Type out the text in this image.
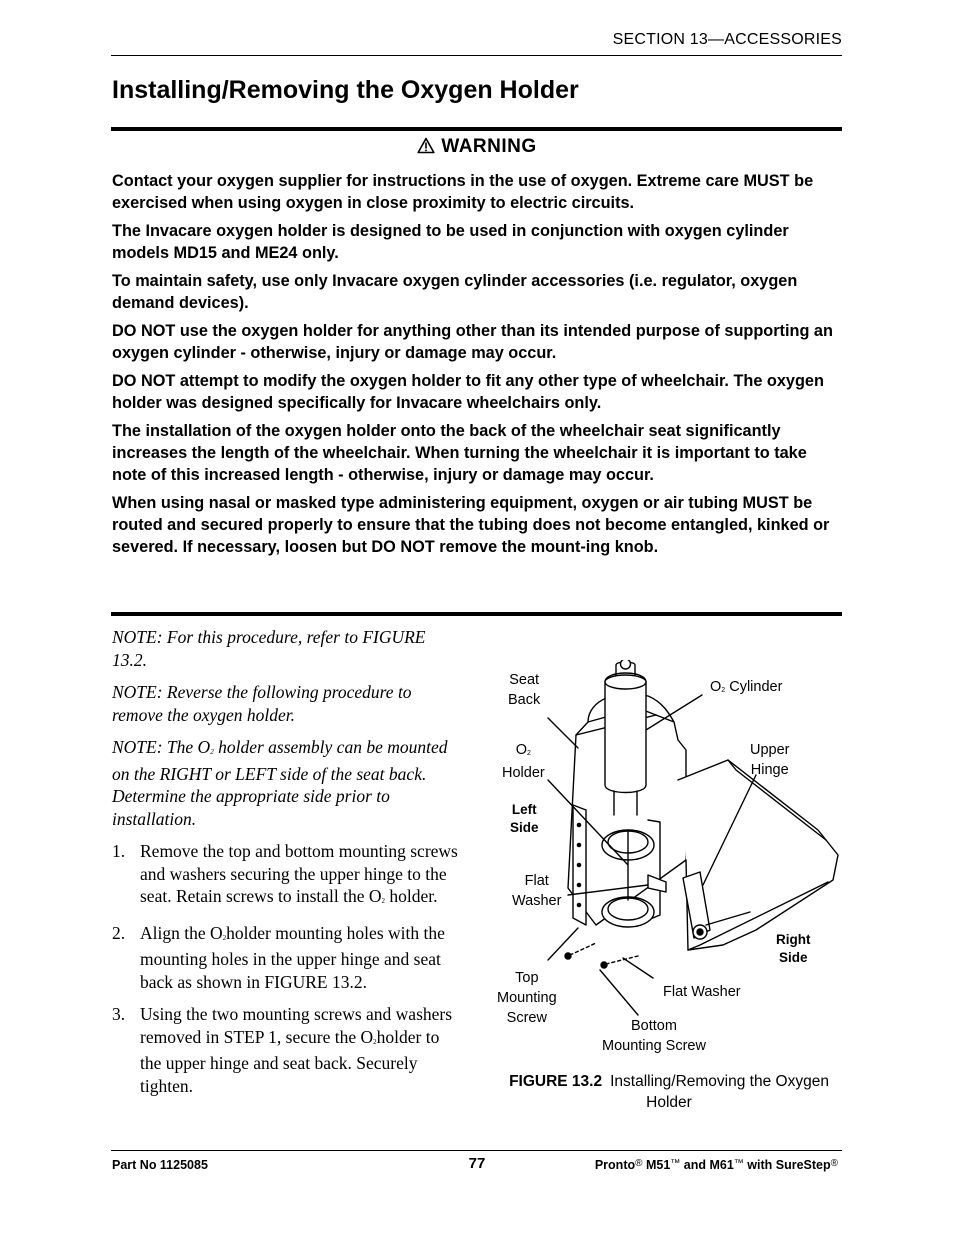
SECTION 13—ACCESSORIES
Installing/Removing the Oxygen Holder
WARNING

Contact your oxygen supplier for instructions in the use of oxygen. Extreme care MUST be exercised when using oxygen in close proximity to electric circuits.

The Invacare oxygen holder is designed to be used in conjunction with oxygen cylinder models MD15 and ME24 only.

To maintain safety, use only Invacare oxygen cylinder accessories (i.e. regulator, oxygen demand devices).

DO NOT use the oxygen holder for anything other than its intended purpose of supporting an oxygen cylinder - otherwise, injury or damage may occur.

DO NOT attempt to modify the oxygen holder to fit any other type of wheelchair. The oxygen holder was designed specifically for Invacare wheelchairs only.

The installation of the oxygen holder onto the back of the wheelchair seat significantly increases the length of the wheelchair. When turning the wheelchair it is important to take note of this increased length - otherwise, injury or damage may occur.

When using nasal or masked type administering equipment, oxygen or air tubing MUST be routed and secured properly to ensure that the tubing does not become entangled, kinked or severed. If necessary, loosen but DO NOT remove the mount-ing knob.

NOTE: For this procedure, refer to FIGURE 13.2.

NOTE: Reverse the following procedure to remove the oxygen holder.

NOTE: The $O_2$ holder assembly can be mounted on the RIGHT or LEFT side of the seat back. Determine the appropriate side prior to installation.

1. Remove the top and bottom mounting screws and washers securing the upper hinge to the seat. Retain screws to install the $O_2$ holder.
2. Align the $O_2holder$ mounting holes with the mounting holes in the upper hinge and seat back as shown in FIGURE 13.2.
3. Using the two mounting screws and washers removed in STEP 1, secure the $O_2holder$ to the upper hinge and seat back. Securely tighten.
Seat
Back
$O_2$ Cylinder
$O_2$
Holder
Upper
Hinge
Left
Side
Flat
Washer
Right
Side
Top
Mounting
Screw
Flat Washer
Bottom
Mounting Screw
FIGURE 13.2 Installing/Removing the Oxygen Holder
Part No 1125085	77	Pronto® M51™ and M61™ with SureStep®
